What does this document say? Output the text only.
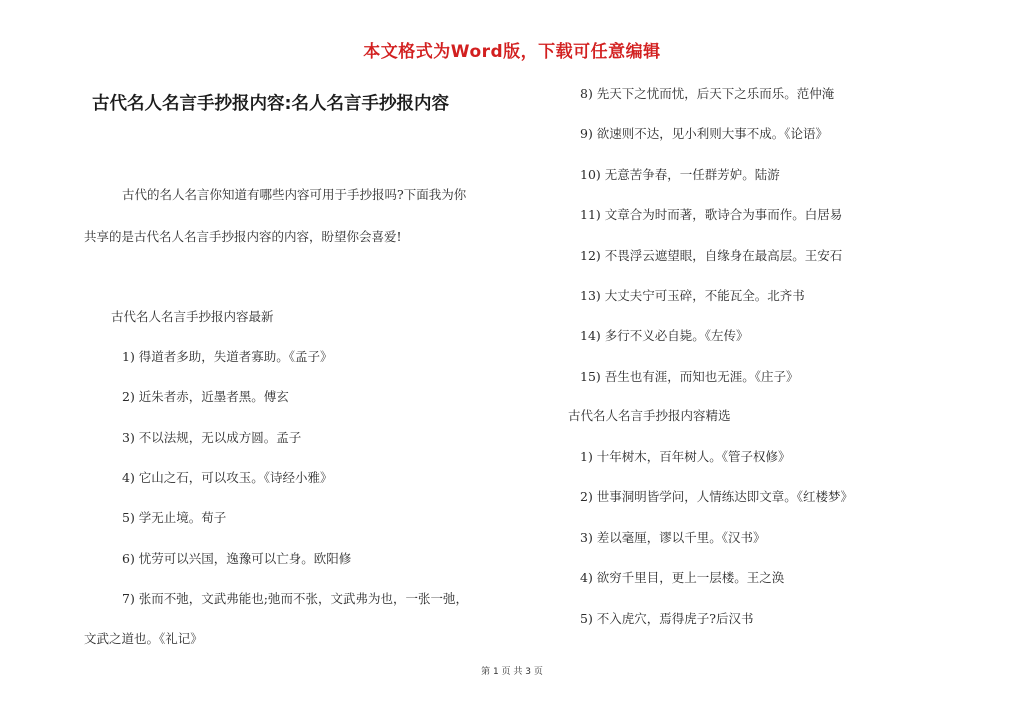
本文格式为Word版，下载可任意编辑
古代名人名言手抄报内容:名人名言手抄报内容
古代的名人名言你知道有哪些内容可用于手抄报吗?下面我为你
共享的是古代名人名言手抄报内容的内容，盼望你会喜爱!
古代名人名言手抄报内容最新
1) 得道者多助，失道者寡助。《孟子》
2) 近朱者赤，近墨者黑。傅玄
3) 不以法规，无以成方圆。孟子
4) 它山之石，可以攻玉。《诗经小雅》
5) 学无止境。荀子
6) 忧劳可以兴国，逸豫可以亡身。欧阳修
7) 张而不弛，文武弗能也;弛而不张，文武弗为也，一张一弛，
文武之道也。《礼记》
8) 先天下之忧而忧，后天下之乐而乐。范仲淹
9) 欲速则不达，见小利则大事不成。《论语》
10) 无意苦争春，一任群芳妒。陆游
11) 文章合为时而著，歌诗合为事而作。白居易
12) 不畏浮云遮望眼，自缘身在最高层。王安石
13) 大丈夫宁可玉碎，不能瓦全。北齐书
14) 多行不义必自毙。《左传》
15) 吾生也有涯，而知也无涯。《庄子》
古代名人名言手抄报内容精选
1) 十年树木，百年树人。《管子权修》
2) 世事洞明皆学问，人情练达即文章。《红楼梦》
3) 差以毫厘，谬以千里。《汉书》
4) 欲穷千里目，更上一层楼。王之涣
5) 不入虎穴，焉得虎子?后汉书
第 1 页 共 3 页
